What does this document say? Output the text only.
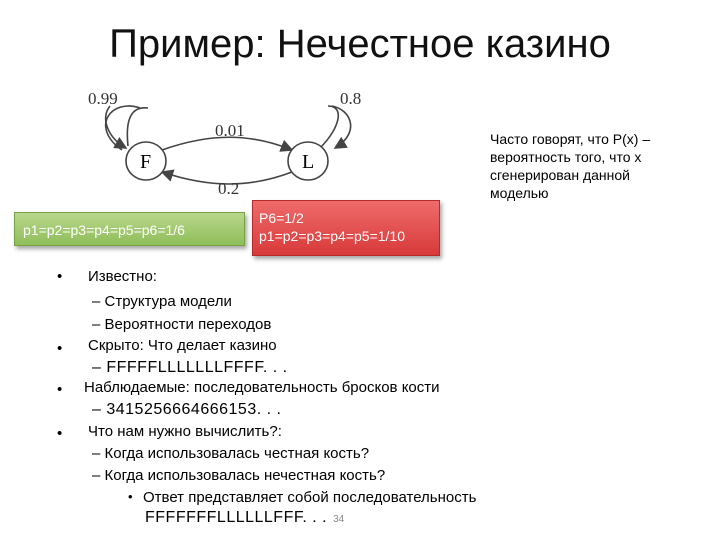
Пример: Нечестное казино
F	L
0.99	0.8
0.01
0.2
Часто говорят, что P(x) – вероятность того, что x сгенерирован данной моделью
p1=p2=p3=p4=p5=p6=1/6
P6=1/2
p1=p2=p3=p4=p5=1/10
• Известно:
– Структура модели
– Вероятности переходов
• Скрыто: Что делает казино
– FFFFFLLLLLLLFFFF. . .
• Наблюдаемые: последовательность бросков кости
– 3415256664666153. . .
• Что нам нужно вычислить?:
– Когда использовалась честная кость?
– Когда использовалась нечестная кость?
• Ответ представляет собой последовательность
FFFFFFFLLLLLLFFF. . . 34
